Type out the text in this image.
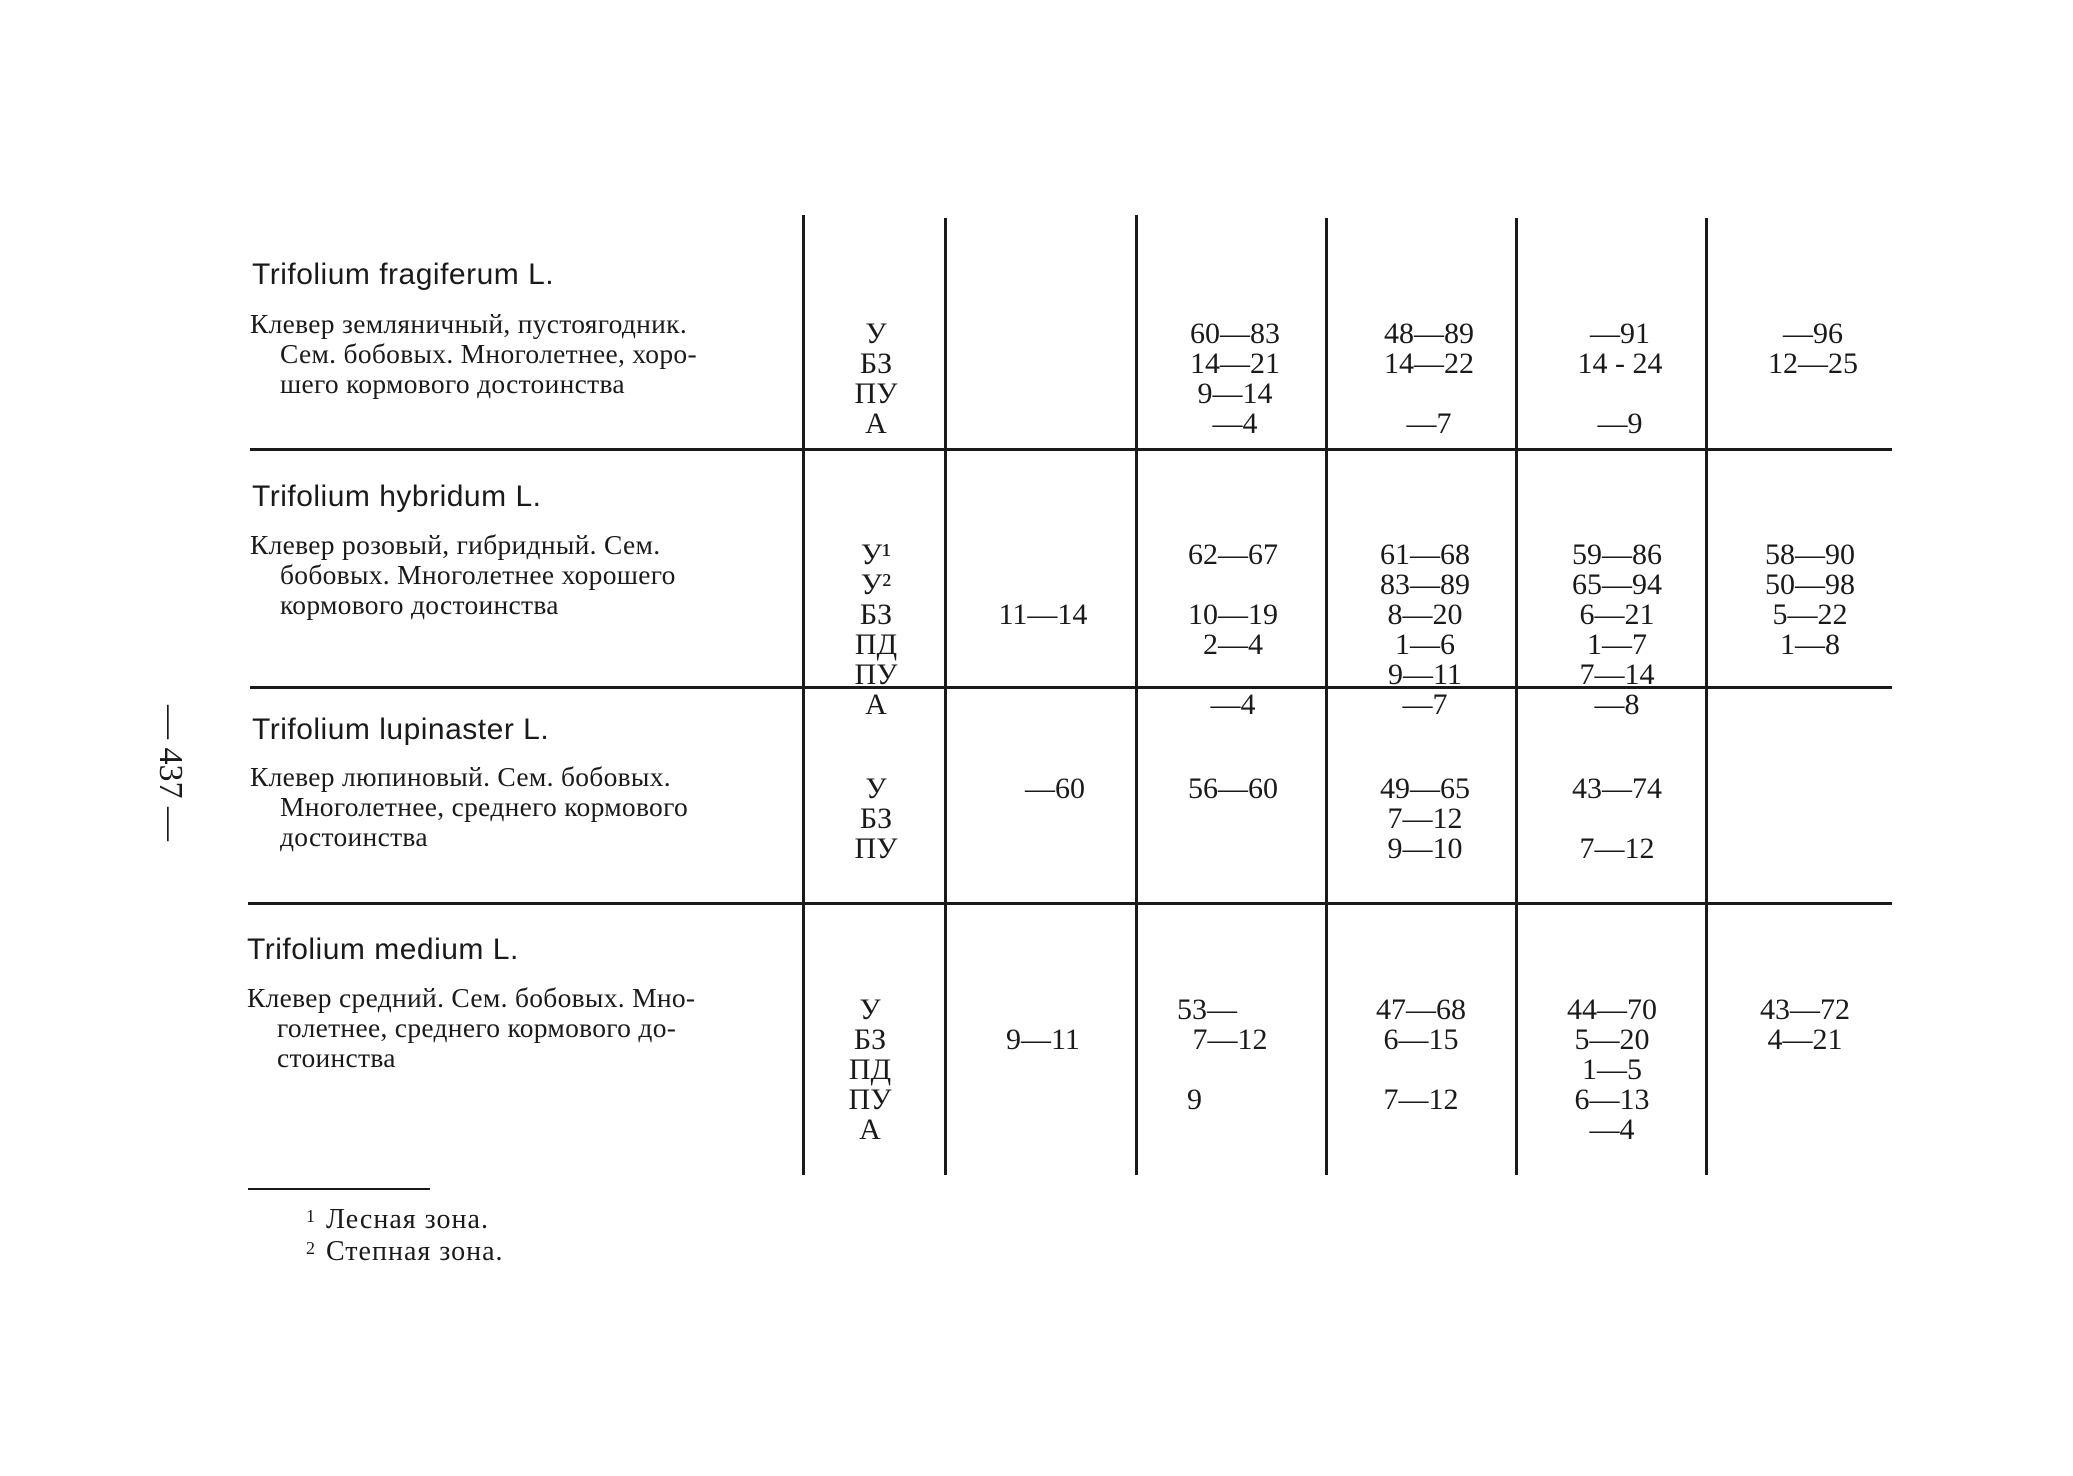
— 437 —
Trifolium fragiferum L.
Клевер земляничный, пустоягодник.
Сем. бобовых. Многолетнее, хоро-
шего кормового достоинства

У
БЗ
ПУ
А

60—83
14—21
9—14
—4

48—89
14—22
—7

—91
14 - 24
—9

—96
12—25

Trifolium hybridum L.
Клевер розовый, гибридный. Сем.
бобовых. Многолетнее хорошего
кормового достоинства

У¹
У²
БЗ
ПД
ПУ
А

11—14

62—67
10—19
2—4
—4

61—68
83—89
8—20
1—6
9—11
—7

59—86
65—94
6—21
1—7
7—14
—8

58—90
50—98
5—22
1—8

Trifolium lupinaster L.
Клевер люпиновый. Сем. бобовых.
Многолетнее, среднего кормового
достоинства

У
БЗ
ПУ

—60

	56—60

	49—65
7—12
9—10

43—74
7—12

Trifolium medium L.
Клевер средний. Сем. бобовых. Мно-
голетнее, среднего кормового до-
стоинства

У
БЗ
ПД
ПУ
А

9—11

53—
7—12
9

47—68
6—15
7—12

44—70
5—20
1—5
6—13
—4

43—72
4—21

$^1$ Лесная зона.
$^2$ Степная зона.
